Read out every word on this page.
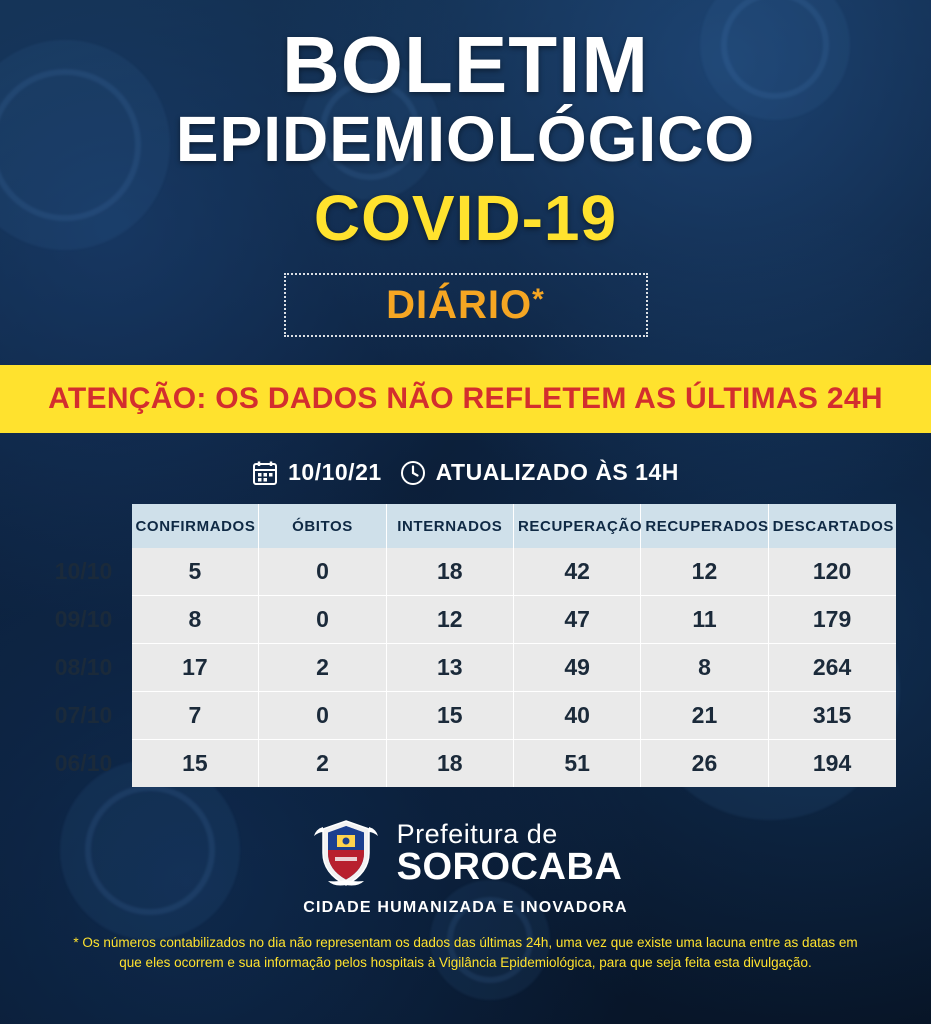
BOLETIM
EPIDEMIOLÓGICO
COVID-19
DIÁRIO*
ATENÇÃO: OS DADOS NÃO REFLETEM AS ÚLTIMAS 24H
10/10/21 ATUALIZADO ÀS 14H
	CONFIRMADOS	ÓBITOS	INTERNADOS	RECUPERAÇÃO	RECUPERADOS	DESCARTADOS
10/10	5	0	18	42	12	120
09/10	8	0	12	47	11	179
08/10	17	2	13	49	8	264
07/10	7	0	15	40	21	315
06/10	15	2	18	51	26	194
Prefeitura de
SOROCABA
CIDADE HUMANIZADA E INOVADORA
* Os números contabilizados no dia não representam os dados das últimas 24h, uma vez que existe uma lacuna entre as datas em que eles ocorrem e sua informação pelos hospitais à Vigilância Epidemiológica, para que seja feita esta divulgação.
